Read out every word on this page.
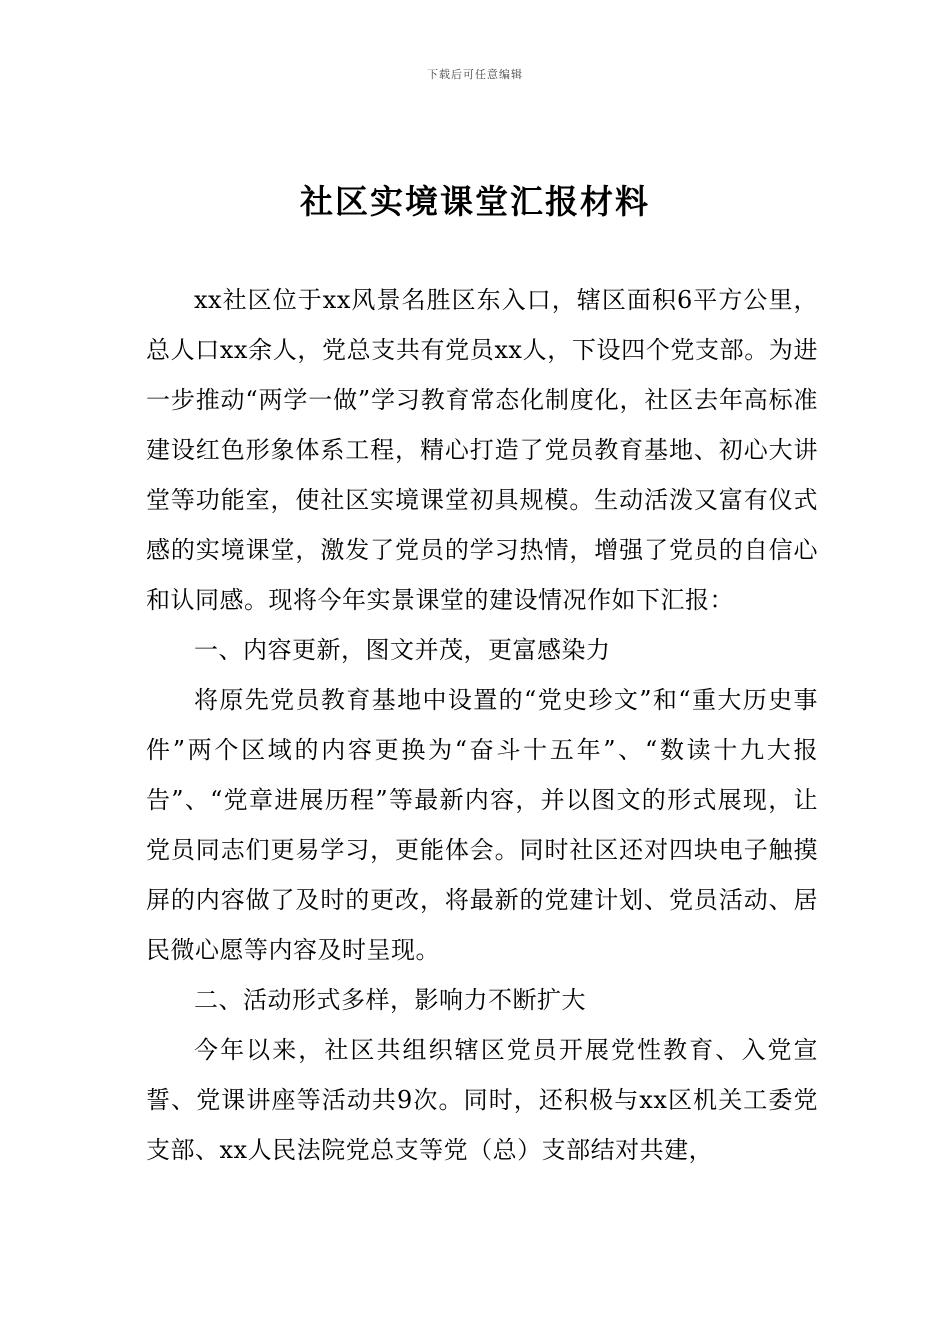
下载后可任意编辑
社区实境课堂汇报材料

xx社区位于xx风景名胜区东入口，辖区面积6平方公里，总人口xx余人，党总支共有党员xx人，下设四个党支部。为进一步推动“两学一做”学习教育常态化制度化，社区去年高标准建设红色形象体系工程，精心打造了党员教育基地、初心大讲堂等功能室，使社区实境课堂初具规模。生动活泼又富有仪式感的实境课堂，激发了党员的学习热情，增强了党员的自信心和认同感。现将今年实景课堂的建设情况作如下汇报：

一、内容更新，图文并茂，更富感染力

将原先党员教育基地中设置的“党史珍文”和“重大历史事件”两个区域的内容更换为“奋斗十五年”、“数读十九大报告”、“党章进展历程”等最新内容，并以图文的形式展现，让党员同志们更易学习，更能体会。同时社区还对四块电子触摸屏的内容做了及时的更改，将最新的党建计划、党员活动、居民微心愿等内容及时呈现。

二、活动形式多样，影响力不断扩大

今年以来，社区共组织辖区党员开展党性教育、入党宣誓、党课讲座等活动共9次。同时，还积极与xx区机关工委党支部、xx人民法院党总支等党（总）支部结对共建，
